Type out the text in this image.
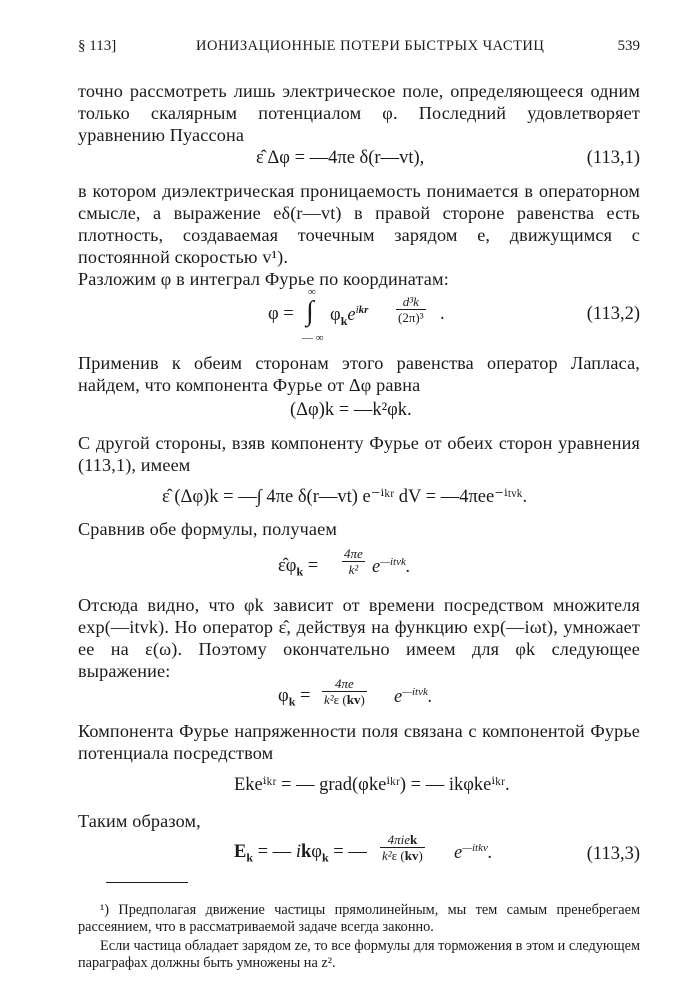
§ 113]	ИОНИЗАЦИОННЫЕ ПОТЕРИ БЫСТРЫХ ЧАСТИЦ	539
точно рассмотреть лишь электрическое поле, определяющееся одним только скалярным потенциалом φ. Последний удовлетворяет уравнению Пуассона
ε̂ Δφ = —4πe δ(r—vt),	(113,1)
в котором диэлектрическая проницаемость понимается в операторном смысле, а выражение eδ(r—vt) в правой стороне равенства есть плотность, создаваемая точечным зарядом e, движущимся с постоянной скоростью v¹).
Разложим φ в интеграл Фурье по координатам:
φ =
∞
∫
— ∞
$\varphi_ke^{ikr} \frac{\text{d³k}}{\text{(2π)³}}$ .	(113,2)
Применив к обеим сторонам этого равенства оператор Лапласа, найдем, что компонента Фурье от Δφ равна
(Δφ)k = —k²φk.
С другой стороны, взяв компоненту Фурье от обеих сторон уравнения (113,1), имеем
ε̂ (Δφ)k = —∫ 4πe δ(r—vt) e⁻ⁱᵏʳ dV = —4πee⁻ⁱᵗᵛᵏ.
Сравнив обе формулы, получаем
$\varepsilon̂\varphi_k = \frac{4\pi e}{\text{k²}} e^{—itvk}$.
Отсюда видно, что φk зависит от времени посредством множителя exp(—itvk). Но оператор ε̂, действуя на функцию exp(—iωt), умножает ее на ε(ω). Поэтому окончательно имеем для φk следующее выражение:
$\varphi_k = \frac{4\pi e}{\text{k²ε (kv)}} e^{—itvk}$.
Компонента Фурье напряженности поля связана с компонентой Фурье потенциала посредством
Ekeⁱᵏʳ = — grad(φkeⁱᵏʳ) = — ikφkeⁱᵏʳ.
Таким образом,
$E_k$ = — ikφ$_k$ = —
4πiek
k²ε (kv) $e^{—itkv}$.	(113,3)
¹) Предполагая движение частицы прямолинейным, мы тем самым пренебрегаем рассеянием, что в рассматриваемой задаче всегда законно.
Если частица обладает зарядом ze, то все формулы для торможения в этом и следующем параграфах должны быть умножены на z².
